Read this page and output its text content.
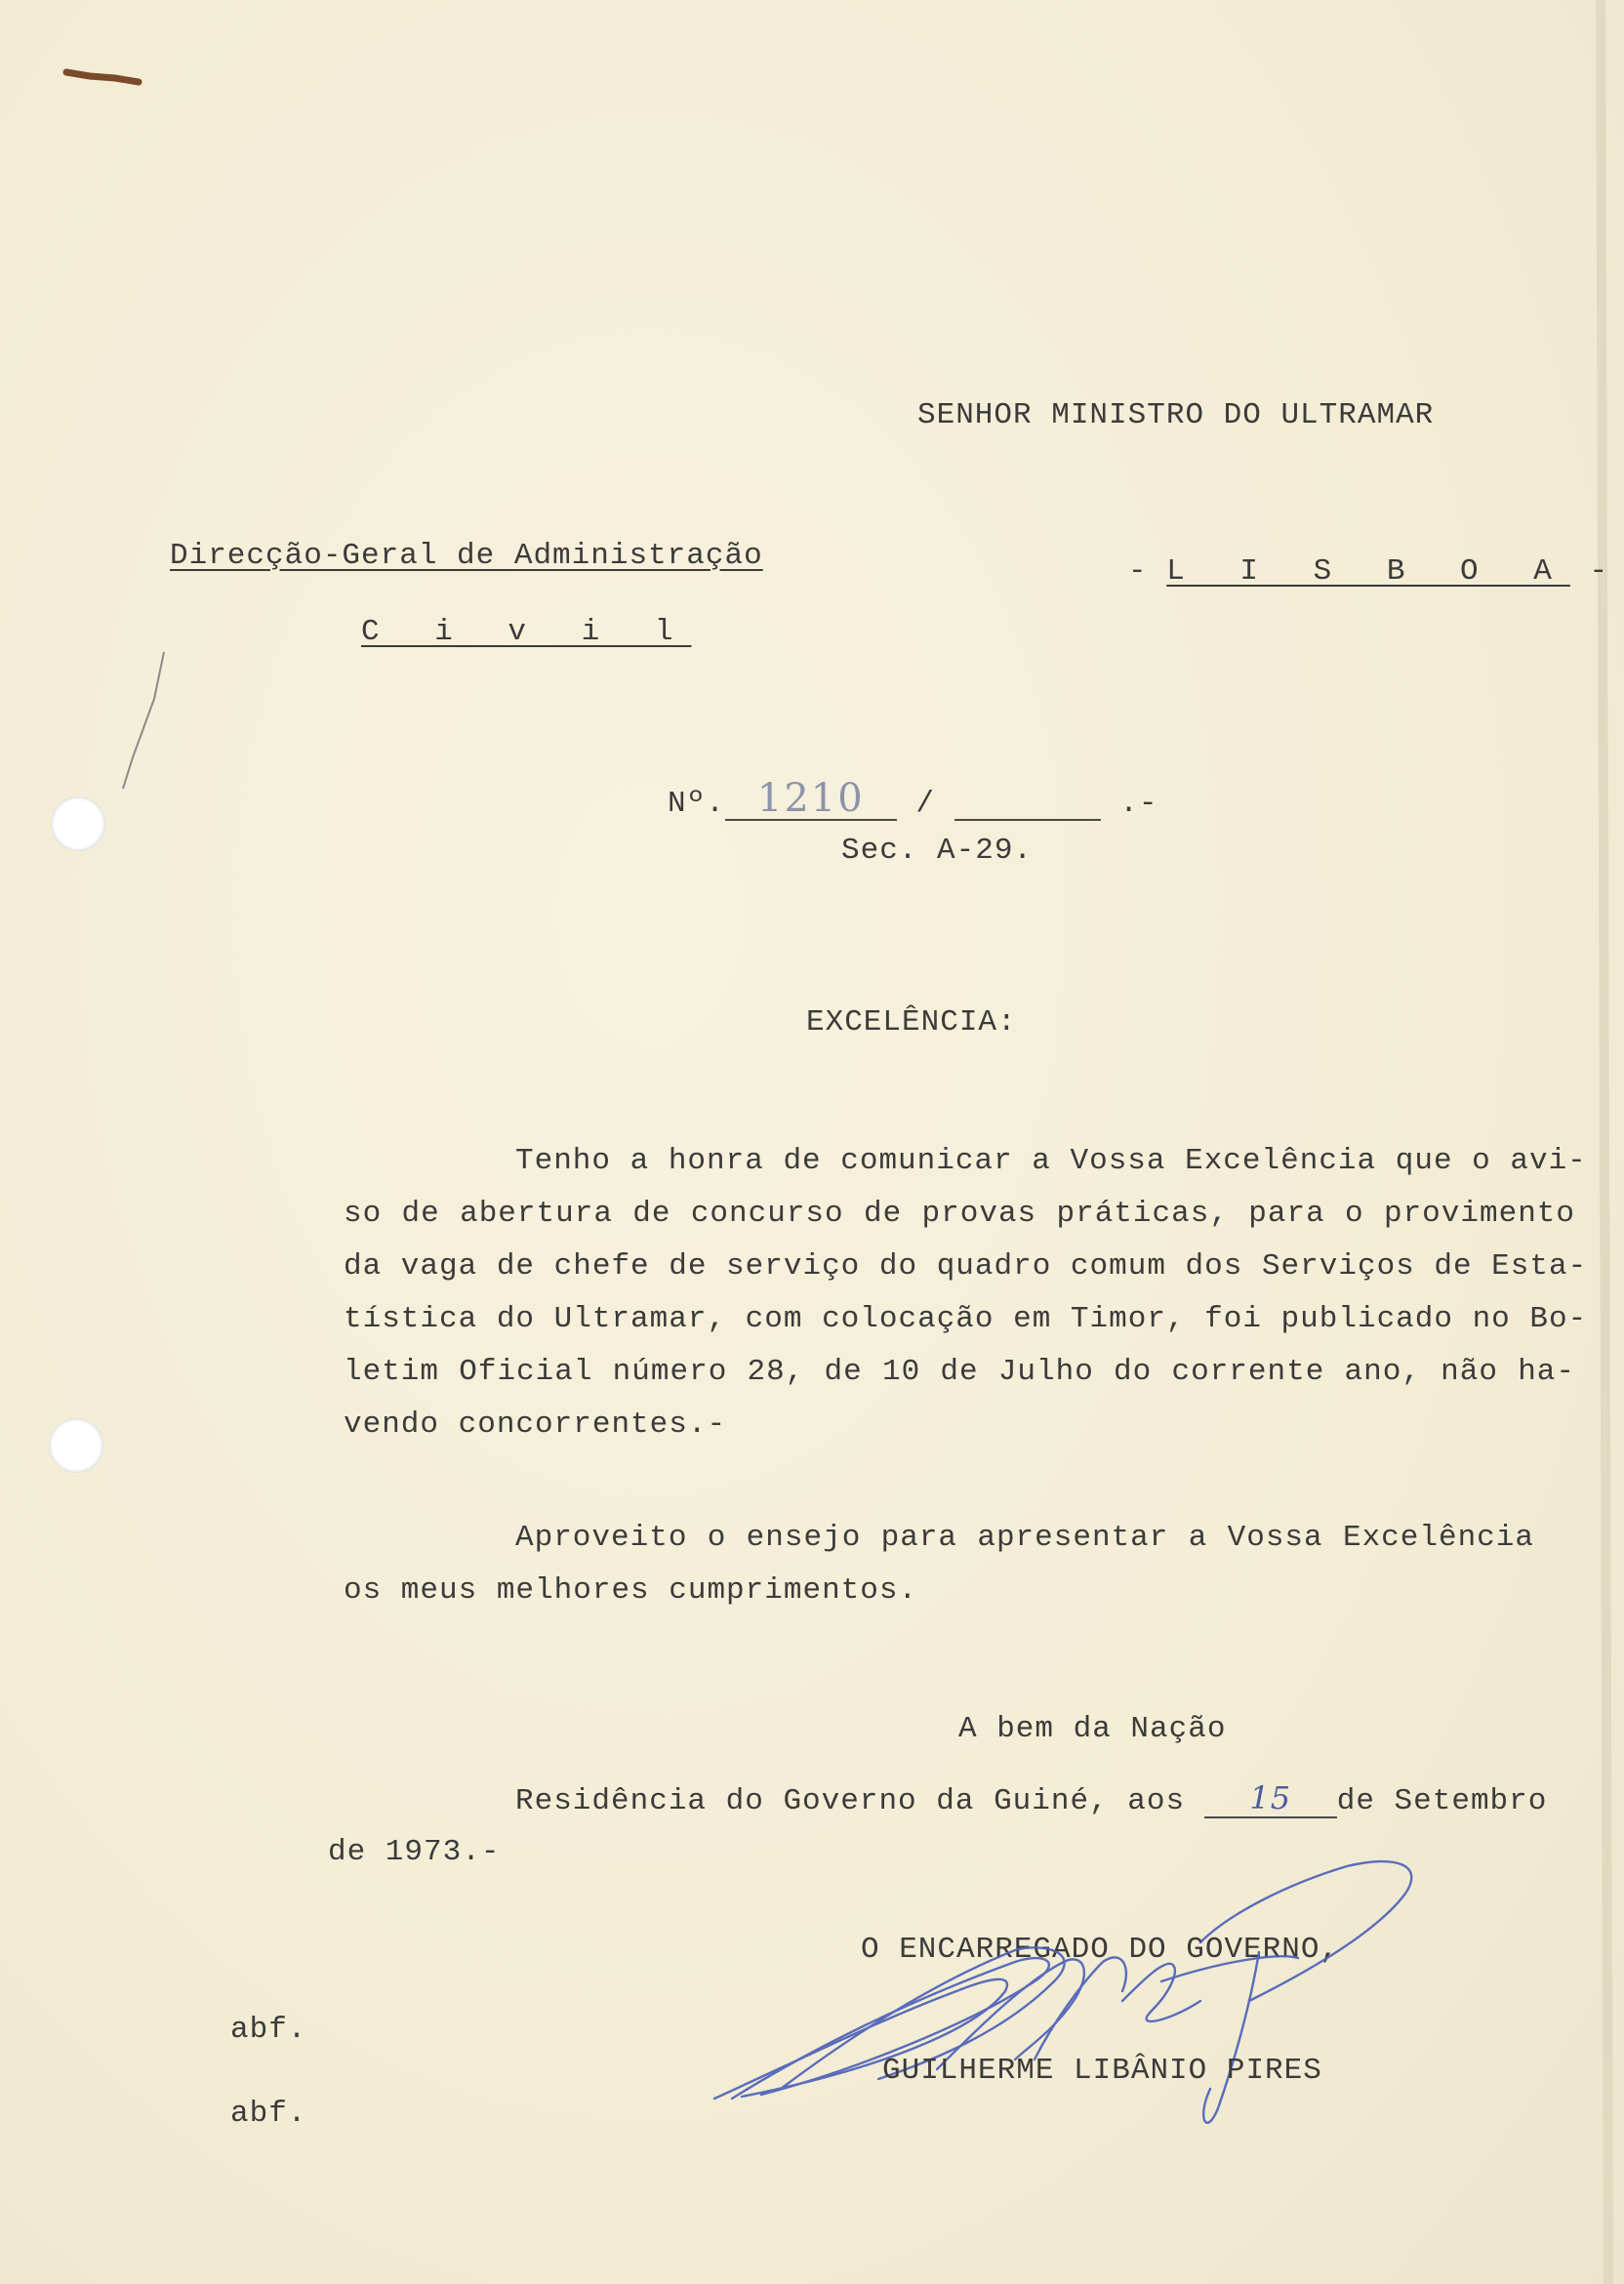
SENHOR MINISTRO DO ULTRAMAR
Direcção-Geral de Administração	- L I S B O A -
C i v i l
Nº. 1210 /	.-
Sec. A-29.
EXCELÊNCIA:
Tenho a honra de comunicar a Vossa Excelência que o avi-
so de abertura de concurso de provas práticas, para o provimento
da vaga de chefe de serviço do quadro comum dos Serviços de Esta-
tística do Ultramar, com colocação em Timor, foi publicado no Bo-
letim Oficial número 28, de 10 de Julho do corrente ano, não ha-
vendo concorrentes.-
Aproveito o ensejo para apresentar a Vossa Excelência
os meus melhores cumprimentos.
A bem da Nação
Residência do Governo da Guiné, aos 15 de Setembro
de 1973.-
O ENCARREGADO DO GOVERNO,
GUILHERME LIBÂNIO PIRES
abf.
abf.
